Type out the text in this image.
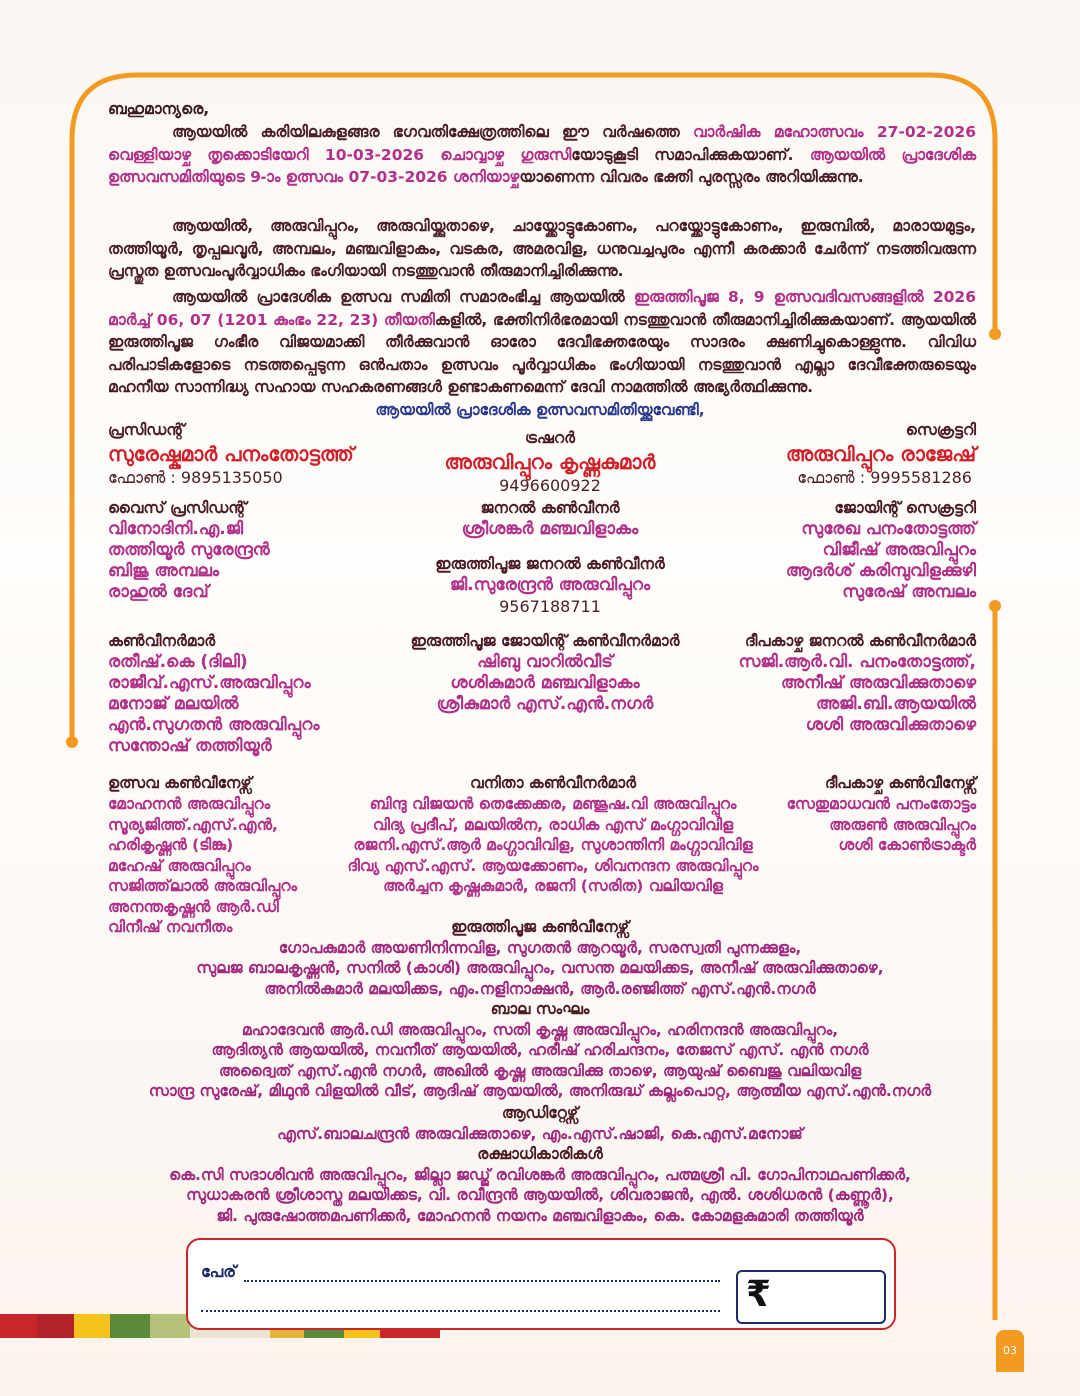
ബഹുമാന്യരെ,
ആയയിൽ കരിയിലകുളങ്ങര ഭഗവതിക്ഷേത്രത്തിലെ ഈ വർഷത്തെ വാർഷിക മഹോത്സവം 27-02-2026 വെള്ളിയാഴ്ച തൃക്കൊടിയേറി 10-03-2026 ചൊവ്വാഴ്ച ഗുരുസിയോടുകൂടി സമാപിക്കുകയാണ്. ആയയിൽ പ്രാദേശിക ഉത്സവസമിതിയുടെ 9-ാം ഉത്സവം 07-03-2026 ശനിയാഴ്ചയാണെന്ന വിവരം ഭക്തി പുരസ്സരം അറിയിക്കുന്നു.
ആയയിൽ, അരുവിപ്പുറം, അരുവിയ്ക്കുതാഴെ, ചായ്ക്കോട്ടുകോണം, പറയ്ക്കോട്ടുകോണം, ഇരുമ്പിൽ, മാരായമുട്ടം, തത്തിയൂർ, തൃപ്പലവൂർ, അമ്പലം, മഞ്ചവിളാകം, വടകര, അമരവിള, ധനുവച്ചപുരം എന്നീ കരക്കാർ ചേർന്ന് നടത്തിവരുന്ന പ്രസ്തുത ഉത്സവംപൂർവ്വാധികം ഭംഗിയായി നടത്തുവാൻ തീരുമാനിച്ചിരിക്കുന്നു.
ആയയിൽ പ്രാദേശിക ഉത്സവ സമിതി സമാരംഭിച്ച ആയയിൽ ഇരുത്തിപൂജ 8, 9 ഉത്സവദിവസങ്ങളിൽ 2026 മാർച്ച് 06, 07 (1201 കുംഭം 22, 23) തീയതികളിൽ, ഭക്തിനിർഭരമായി നടത്തുവാൻ തീരുമാനിച്ചിരിക്കുകയാണ്. ആയയിൽ ഇരുത്തിപൂജ ഗംഭീര വിജയമാക്കി തീർക്കുവാൻ ഓരോ ദേവീഭക്തരേയും സാദരം ക്ഷണിച്ചുകൊള്ളുന്നു. വിവിധ പരിപാടികളോടെ നടത്തപ്പെടുന്ന ഒൻപതാം ഉത്സവം പൂർവ്വാധികം ഭംഗിയായി നടത്തുവാൻ എല്ലാ ദേവീഭക്തരുടെയും മഹനീയ സാന്നിദ്ധ്യ സഹായ സഹകരണങ്ങൾ ഉണ്ടാകണമെന്ന് ദേവി നാമത്തിൽ അഭ്യർത്ഥിക്കുന്നു.
ആയയിൽ പ്രാദേശിക ഉത്സവസമിതിയ്ക്കുവേണ്ടി,
പ്രസിഡന്റ്
സുരേഷ്കുമാർ പനംതോട്ടത്ത്
ഫോൺ : 9895135050
ട്രഷറർ
അരുവിപ്പുറം കൃഷ്ണകുമാർ
9496600922
സെക്രട്ടറി
അരുവിപ്പുറം രാജേഷ്
ഫോൺ : 9995581286
വൈസ് പ്രസിഡന്റ്
വിനോദിനി.എ.ജി
തത്തിയൂർ സുരേന്ദ്രൻ
ബിജു അമ്പലം
രാഹുൽ ദേവ്
ജനറൽ കൺവീനർ
ശ്രീശങ്കർ മഞ്ചവിളാകം
ഇരുത്തിപൂജ ജനറൽ കൺവീനർ
ജി.സുരേന്ദ്രൻ അരുവിപ്പുറം
9567188711
ജോയിന്റ് സെക്രട്ടറി
സുരേഖ പനംതോട്ടത്ത്
വിജീഷ് അരുവിപ്പുറം
ആദർശ് കരിമ്പുവിളക്കുഴി
സുരേഷ് അമ്പലം
കൺവീനർമാർ
രതീഷ്.കെ (ദിലി)
രാജീവ്.എസ്.അരുവിപ്പുറം
മനോജ് മലയിൽ
എൻ.സുഗതൻ അരുവിപ്പുറം
സന്തോഷ് തത്തിയൂർ
ഇരുത്തിപൂജ ജോയിന്റ് കൺവീനർമാർ
ഷിബു വാറിൽവീട്
ശശികുമാർ മഞ്ചവിളാകം
ശ്രീകുമാർ എസ്.എൻ.നഗർ
ദീപകാഴ്ച ജനറൽ കൺവീനർമാർ
സജി.ആർ.വി. പനംതോട്ടത്ത്,
അനീഷ് അരുവിക്കുതാഴെ
അജി.ബി.ആയയിൽ
ശശി അരുവിക്കുതാഴെ
ഉത്സവ കൺവീനേഴ്സ്
മോഹനൻ അരുവിപ്പുറം
സൂര്യജിത്ത്.എസ്.എൻ,
ഹരികൃഷ്ണൻ (ടിങ്കു)
മഹേഷ് അരുവിപ്പുറം
സജിത്ത്‌ലാൽ അരുവിപ്പുറം
അനന്തകൃഷ്ണൻ ആർ.ഡി
വിനീഷ് നവനീതം
വനിതാ കൺവീനർമാർ
ബിന്ദു വിജയൻ തെക്കേക്കര, മഞ്ജുഷ.വി അരുവിപ്പുറം
വിദ്യ പ്രദീപ്, മലയിൽന, രാധിക എസ് മംഗ്ഗാവിവിള
രജനി.എസ്.ആർ മംഗ്ഗാവിവിള, സുശാന്തിനി മംഗ്ഗാവിവിള
ദിവ്യ എസ്.എസ്. ആയക്കോണം, ശിവനന്ദന അരുവിപ്പുറം
അർച്ചന കൃഷ്ണകുമാർ, രജനി (സരിത) വലിയവിള
ദീപകാഴ്ച കൺവീനേഴ്സ്
സേതുമാധവൻ പനംതോട്ടം
അരുൺ അരുവിപ്പുറം
ശശി കോൺട്രാക്ടർ
ഇരുത്തിപൂജ കൺവീനേഴ്സ്
ഗോപകുമാർ അയണിനിന്നവിള, സുഗതൻ ആറയൂർ, സരസ്വതി പുന്നക്കുളം,
സുലജ ബാലകൃഷ്ണൻ, സനിൽ (കാശി) അരുവിപ്പുറം, വസന്ത മലയിക്കട, അനീഷ് അരുവിക്കുതാഴെ,
അനിൽകുമാർ മലയിക്കട, എം.നളിനാക്ഷൻ, ആർ.രഞ്ജിത്ത് എസ്.എൻ.നഗർ
ബാല സംഘം
മഹാദേവൻ ആർ.ഡി അരുവിപ്പുറം, സതി കൃഷ്ണ അരുവിപ്പുറം, ഹരിനന്ദൻ അരുവിപ്പുറം,
ആദിത്യൻ ആയയിൽ, നവനീത് ആയയിൽ, ഹരീഷ് ഹരിചന്ദനം, തേജസ് എസ്. എൻ നഗർ
അദ്വൈത് എസ്.എൻ നഗർ, അഖിൽ കൃഷ്ണ അരുവിക്കു താഴെ, ആയുഷ് ബൈജു വലിയവിള
സാന്ദ്ര സുരേഷ്, മിഥുൻ വിളയിൽ വീട്, ആദിഷ് ആയയിൽ, അനിരുദ്ധ് കല്ലംപൊറ്റ, ആത്മീയ എസ്.എൻ.നഗർ
ആഡിറ്റേഴ്സ്
എസ്.ബാലചന്ദ്രൻ അരുവിക്കുതാഴെ, എം.എസ്.ഷാജി, കെ.എസ്.മനോജ്
രക്ഷാധികാരികൾ
കെ.സി സദാശിവൻ അരുവിപ്പുറം, ജില്ലാ ജഡ്ജ് രവിശങ്കർ അരുവിപ്പുറം, പത്മശ്രീ പി. ഗോപിനാഥപണിക്കർ,
സുധാകരൻ ശ്രീശാസ്ത മലയിക്കട, വി. രവീന്ദ്രൻ ആയയിൽ, ശിവരാജൻ, എൽ. ശശിധരൻ (കണ്ണൂർ),
ജി. പുരുഷോത്തമപണിക്കർ, മോഹനൻ നയനം മഞ്ചവിളാകം, കെ. കോമളകുമാരി തത്തിയൂർ
പേര്
₹
03
